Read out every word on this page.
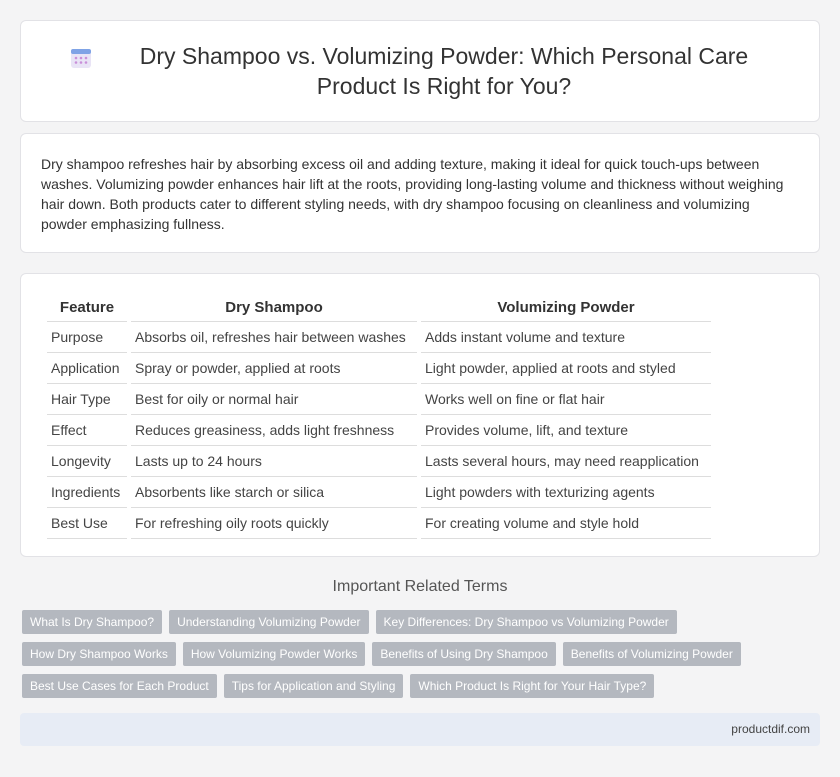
Dry Shampoo vs. Volumizing Powder: Which Personal Care Product Is Right for You?

Dry shampoo refreshes hair by absorbing excess oil and adding texture, making it ideal for quick touch-ups between washes. Volumizing powder enhances hair lift at the roots, providing long-lasting volume and thickness without weighing hair down. Both products cater to different styling needs, with dry shampoo focusing on cleanliness and volumizing powder emphasizing fullness.

Feature	Dry Shampoo	Volumizing Powder
Purpose	Absorbs oil, refreshes hair between washes	Adds instant volume and texture
Application	Spray or powder, applied at roots	Light powder, applied at roots and styled
Hair Type	Best for oily or normal hair	Works well on fine or flat hair
Effect	Reduces greasiness, adds light freshness	Provides volume, lift, and texture
Longevity	Lasts up to 24 hours	Lasts several hours, may need reapplication
Ingredients	Absorbents like starch or silica	Light powders with texturizing agents
Best Use	For refreshing oily roots quickly	For creating volume and style hold
Important Related Terms
What Is Dry Shampoo?	Understanding Volumizing Powder	Key Differences: Dry Shampoo vs Volumizing Powder
How Dry Shampoo Works	How Volumizing Powder Works	Benefits of Using Dry Shampoo	Benefits of Volumizing Powder
Best Use Cases for Each Product	Tips for Application and Styling	Which Product Is Right for Your Hair Type?
productdif.com
